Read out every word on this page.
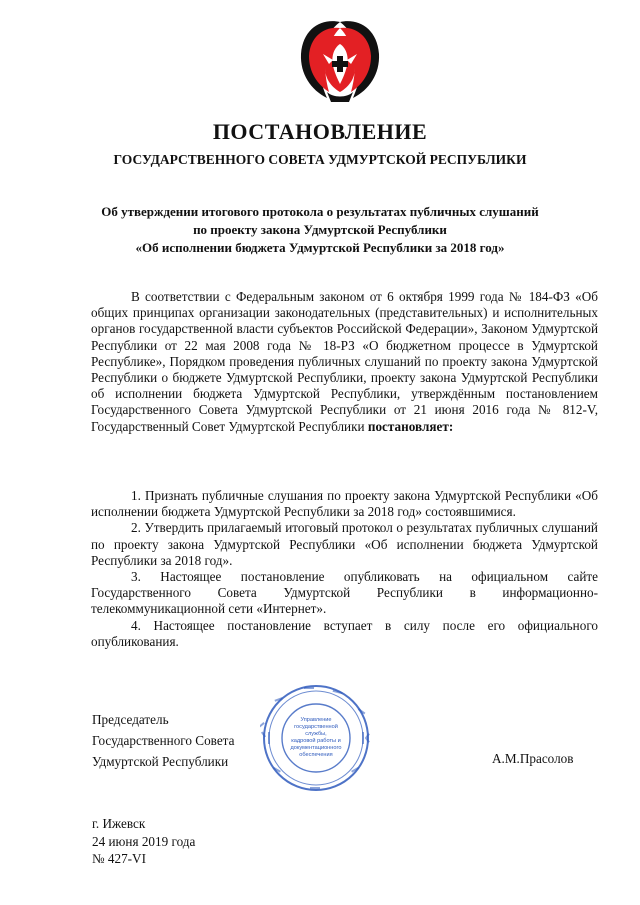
ПОСТАНОВЛЕНИЕ
ГОСУДАРСТВЕННОГО СОВЕТА УДМУРТСКОЙ РЕСПУБЛИКИ
Об утверждении итогового протокола о результатах публичных слушаний
по проекту закона Удмуртской Республики
«Об исполнении бюджета Удмуртской Республики за 2018 год»

В соответствии с Федеральным законом от 6 октября 1999 года № 184-ФЗ «Об общих принципах организации законодательных (представительных) и исполнительных органов государственной власти субъектов Российской Федерации», Законом Удмуртской Республики от 22 мая 2008 года № 18-РЗ «О бюджетном процессе в Удмуртской Республике», Порядком проведения публичных слушаний по проекту закона Удмуртской Республики о бюджете Удмуртской Республики, проекту закона Удмуртской Республики об исполнении бюджета Удмуртской Республики, утверждённым постановлением Государственного Совета Удмуртской Республики от 21 июня 2016 года № 812-V, Государственный Совет Удмуртской Республики постановляет:

1. Признать публичные слушания по проекту закона Удмуртской Республики «Об исполнении бюджета Удмуртской Республики за 2018 год» состоявшимися.

2. Утвердить прилагаемый итоговый протокол о результатах публичных слушаний по проекту закона Удмуртской Республики «Об исполнении бюджета Удмуртской Республики за 2018 год».

3. Настоящее постановление опубликовать на официальном сайте Государственного Совета Удмуртской Республики в информационно-телекоммуникационной сети «Интернет».

4. Настоящее постановление вступает в силу после его официального опубликования.

Председатель
Государственного Совета
Удмуртской Республики
Управление
государственной
службы,
кадровой работы и
документационного
обеспечения	А.М.Прасолов
г. Ижевск
24 июня 2019 года
№ 427-VI
